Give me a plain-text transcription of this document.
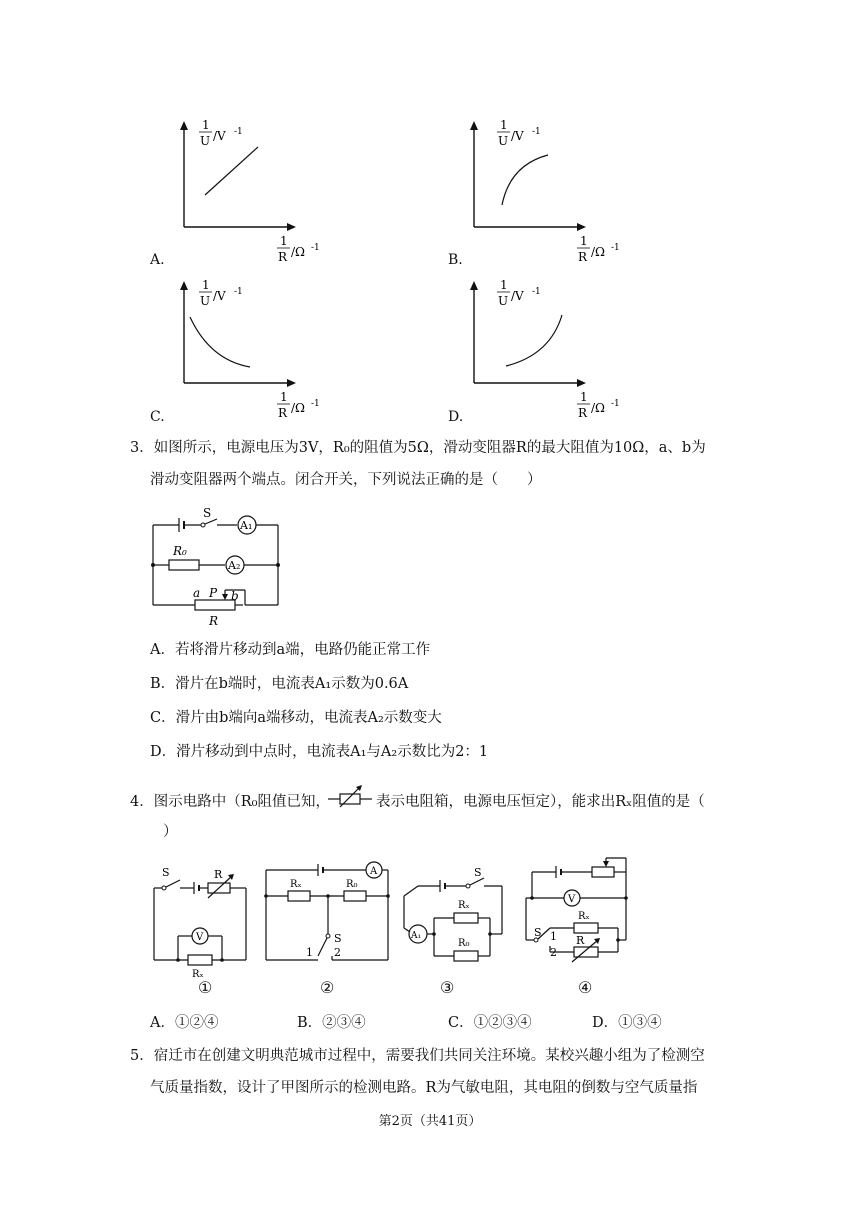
1
U /V -1
1
R /Ω -1
A.
1
U /V -1
1
R /Ω -1
B.
1
U /V -1
1
R /Ω -1
C.
1
U /V -1
1
R /Ω -1
D.
3．如图所示，电源电压为3V，R₀的阻值为5Ω，滑动变阻器R的最大阻值为10Ω，a、b为
滑动变阻器两个端点。闭合开关，下列说法正确的是（　　）
S
A₁
R₀
A₂
a P b
R
A．若将滑片移动到a端，电路仍能正常工作
B．滑片在b端时，电流表A₁示数为0.6A
C．滑片由b端向a端移动，电流表A₂示数变大
D．滑片移动到中点时，电流表A₁与A₂示数比为2：1
4．图示电路中（R₀阻值已知，	表示电阻箱，电源电压恒定），能求出Rₓ阻值的是（
）
S	R
V
Rₓ
①
A
Rₓ	R₀
S
1 2
②
S
Rₓ
R₀
A₁
③
V
Rₓ
R
S 1
2
④
A．①②④	B．②③④	C．①②③④	D．①③④
5．宿迁市在创建文明典范城市过程中，需要我们共同关注环境。某校兴趣小组为了检测空
气质量指数，设计了甲图所示的检测电路。R为气敏电阻，其电阻的倒数与空气质量指
第2页（共41页）
